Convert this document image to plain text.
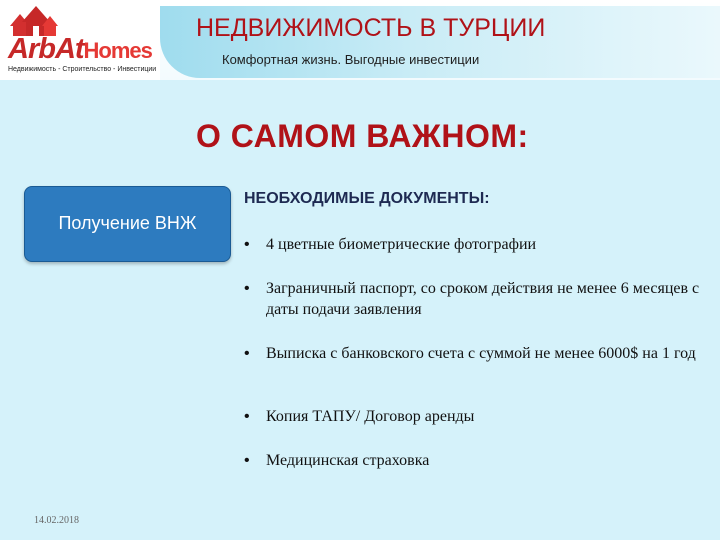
ArbAtHomes
Недвижимость - Строительство - Инвестиции
НЕДВИЖИМОСТЬ В ТУРЦИИ
Комфортная жизнь. Выгодные инвестиции
О САМОМ ВАЖНОМ:
Получение ВНЖ
НЕОБХОДИМЫЕ ДОКУМЕНТЫ:
• 4 цветные биометрические фотографии
• Заграничный паспорт, со сроком действия не менее 6 месяцев с даты подачи заявления
• Выписка с банковского счета с суммой не менее 6000$ на 1 год
• Копия ТАПУ/ Договор аренды
• Медицинская страховка
14.02.2018
